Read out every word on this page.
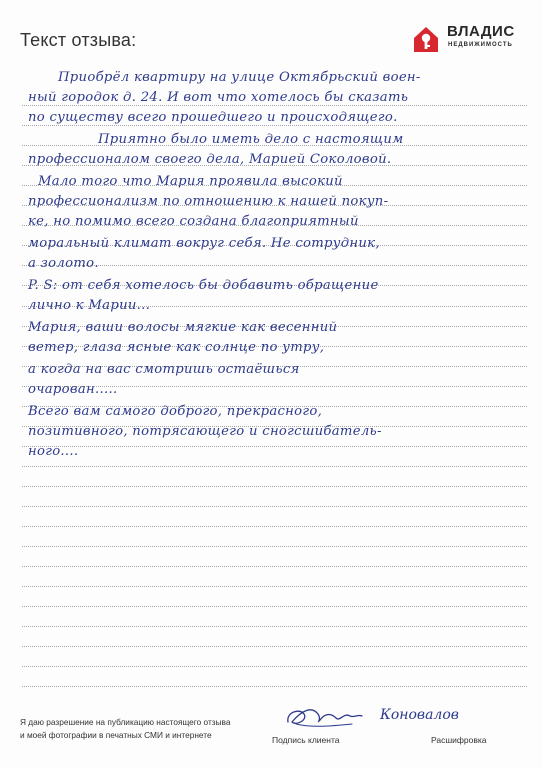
Текст отзыва:	ВЛАДИС
НЕДВИЖИМОСТЬ
Приобрёл квартиру на улице Октябрьский воен-
ный городок д. 24. И вот что хотелось бы сказать
по существу всего прошедшего и происходящего.
Приятно было иметь дело с настоящим
профессионалом своего дела, Марией Соколовой.
Мало того что Мария проявила высокий
профессионализм по отношению к нашей покуп-
ке, но помимо всего создана благоприятный
моральный климат вокруг себя. Не сотрудник,
а золото.
P. S: от себя хотелось бы добавить обращение
лично к Марии...
Мария, ваши волосы мягкие как весенний
ветер, глаза ясные как солнце по утру,
а когда на вас смотришь остаёшься
очарован.....
Всего вам самого доброго, прекрасного,
позитивного, потрясающего и сногсшибатель-
ного....
Я даю разрешение на публикацию настоящего отзыва
и моей фотографии в печатных СМИ и интернете
Коновалов
Подпись клиента	Расшифровка
